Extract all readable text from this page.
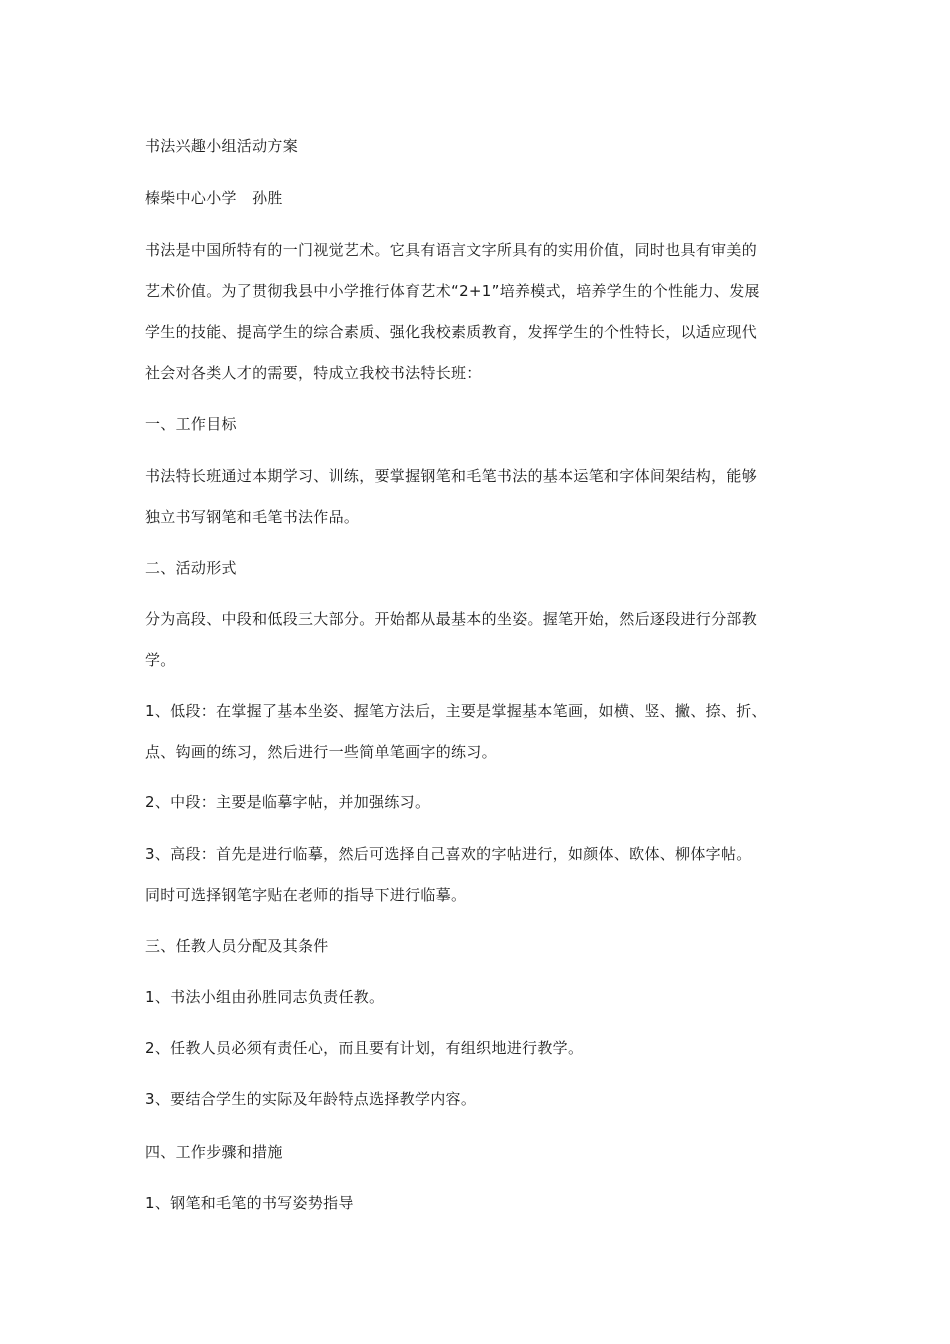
书法兴趣小组活动方案
榛柴中心小学　孙胜
书法是中国所特有的一门视觉艺术。它具有语言文字所具有的实用价值，同时也具有审美的
艺术价值。为了贯彻我县中小学推行体育艺术“2+1”培养模式，培养学生的个性能力、发展
学生的技能、提高学生的综合素质、强化我校素质教育，发挥学生的个性特长，以适应现代
社会对各类人才的需要，特成立我校书法特长班：
一、工作目标
书法特长班通过本期学习、训练，要掌握钢笔和毛笔书法的基本运笔和字体间架结构，能够
独立书写钢笔和毛笔书法作品。
二、活动形式
分为高段、中段和低段三大部分。开始都从最基本的坐姿。握笔开始，然后逐段进行分部教
学。
1、低段：在掌握了基本坐姿、握笔方法后，主要是掌握基本笔画，如横、竖、撇、捺、折、
点、钩画的练习，然后进行一些简单笔画字的练习。
2、中段：主要是临摹字帖，并加强练习。
3、高段：首先是进行临摹，然后可选择自己喜欢的字帖进行，如颜体、欧体、柳体字帖。
同时可选择钢笔字贴在老师的指导下进行临摹。
三、任教人员分配及其条件
1、书法小组由孙胜同志负责任教。
2、任教人员必须有责任心，而且要有计划，有组织地进行教学。
3、要结合学生的实际及年龄特点选择教学内容。
四、工作步骤和措施
1、钢笔和毛笔的书写姿势指导
